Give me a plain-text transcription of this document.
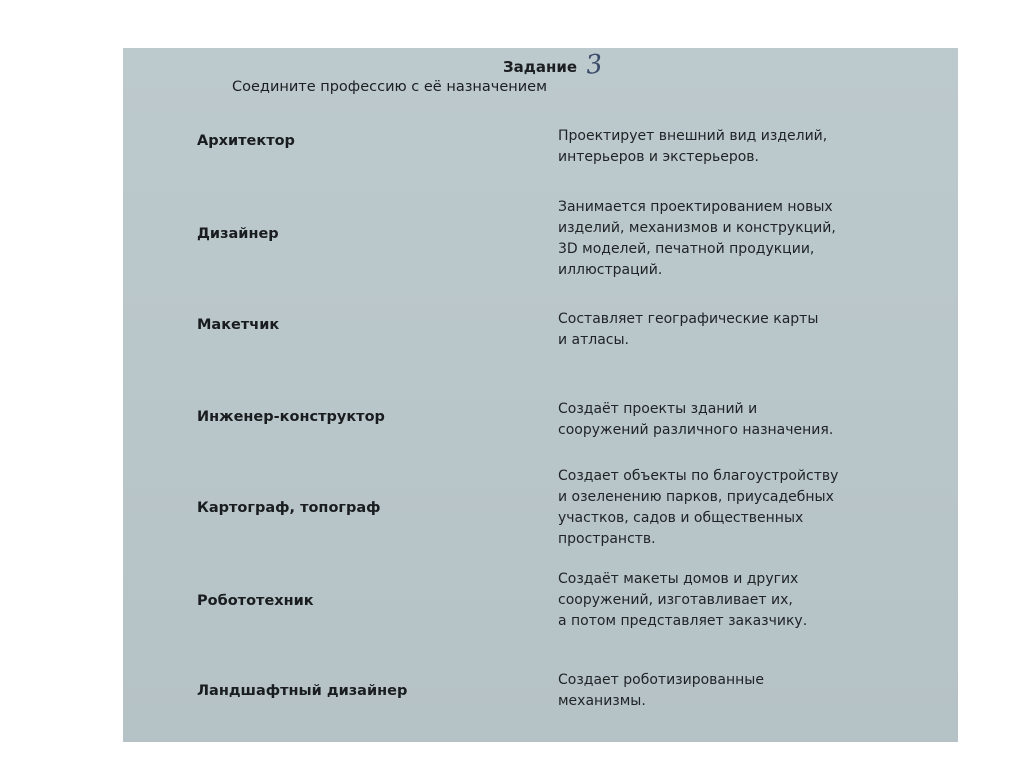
Задание 3
Соедините профессию с её назначением
Архитектор
Дизайнер
Макетчик
Инженер-конструктор
Картограф, топограф
Робототехник
Ландшафтный дизайнер
Проектирует внешний вид изделий,
интерьеров и экстерьеров.
Занимается проектированием новых
изделий, механизмов и конструкций,
3D моделей, печатной продукции,
иллюстраций.
Составляет географические карты
и атласы.
Создаёт проекты зданий и
сооружений различного назначения.
Создает объекты по благоустройству
и озеленению парков, приусадебных
участков, садов и общественных
пространств.
Создаёт макеты домов и других
сооружений, изготавливает их,
а потом представляет заказчику.
Создает роботизированные
механизмы.
